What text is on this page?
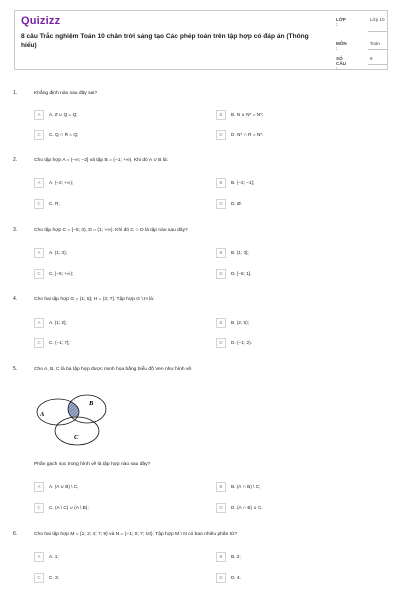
Quizizz
8 câu Trắc nghiệm Toán 10 chân trời sáng tạo Các phép toán trên tập hợp có đáp án (Thông hiểu)
LỚP :
Lớp 10
MÔN :
Toán
SỐ CÂU :
8
1.	Khẳng định nào sau đây sai?
A	A. Z ∪ Q = Q;	B	B. N ∪ N* = N*;
C	C. Q ∩ R = Q;	D	D. N* ∩ R = N*.
2.	Cho tập hợp A = (−∞; −2] và tập B = (−1; +∞). Khi đó A ∪ B là:
A	A. (−2; +∞);	B	B. (−2; −1];
C	C. R;	D	D. Ø.
3.	Cho tập hợp C = [−5; 3), D = (1; +∞). Khi đó C ∩ D là tập nào sau đây?
A	A. (1; 3);	B	B. (1; 3];
C	C. [−5; +∞);	D	D. [−5; 1].
4.	Cho hai tập hợp G = (1; 5]; H = (2; 7]. Tập hợp G \ H là:
A	A. (1; 2];	B	B. (2; 5);
C	C. (−1; 7];	D	D. (−1; 2).
5.	Cho A, B, C là ba tập hợp được minh họa bằng biểu đồ Ven như hình vẽ.
Phần gạch sọc trong hình vẽ là tập hợp nào sau đây?
A	A. (A ∪ B) \ C;	B	B. (A ∩ B) \ C;
C	C. (A \ C) ∪ (A \ B);	D	D. (A ∩ B) ∪ C.
A
B
C
6.	Cho hai tập hợp M = {1; 2; 4; 7; 9} và N = {−1; 0; 7; 10}. Tập hợp M \ N có bao nhiêu phần tử?
A	A. 1;	B	B. 2;
C	C. 3;	D	D. 4.
